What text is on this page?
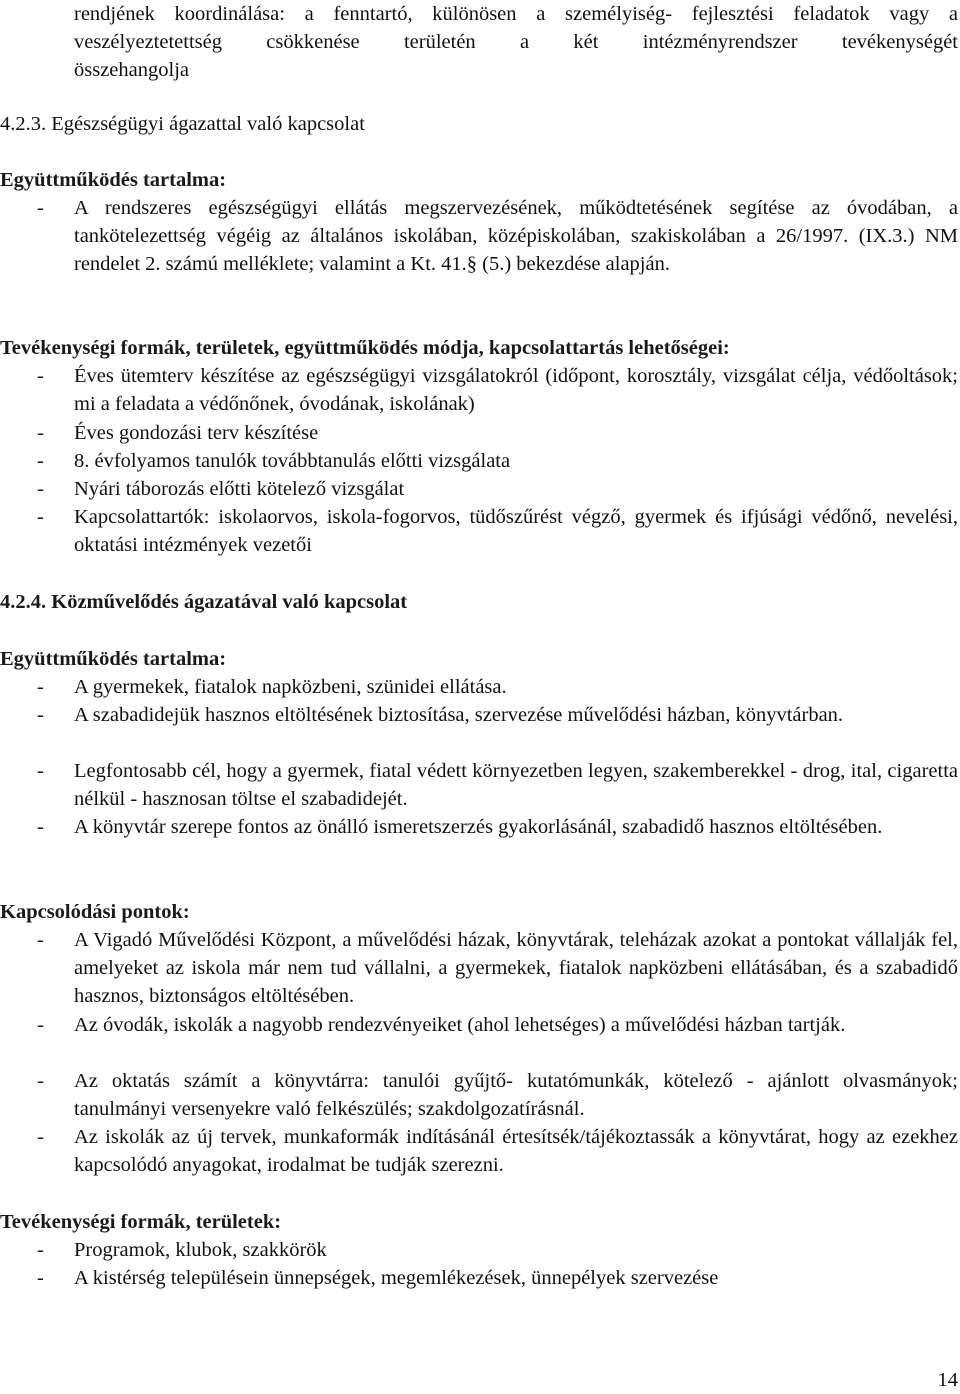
rendjének koordinálása: a fenntartó, különösen a személyiség- fejlesztési feladatok vagy a

veszélyeztetettség csökkenése területén a két intézményrendszer tevékenységét

összehangolja

4.2.3. Egészségügyi ágazattal való kapcsolat

Együttműködés tartalma:

- A rendszeres egészségügyi ellátás megszervezésének, működtetésének segítése az óvodában, a tankötelezettség végéig az általános iskolában, középiskolában, szakiskolában a 26/1997. (IX.3.) NM rendelet 2. számú melléklete; valamint a Kt. 41.§ (5.) bekezdése alapján.

Tevékenységi formák, területek, együttműködés módja, kapcsolattartás lehetőségei:

- Éves ütemterv készítése az egészségügyi vizsgálatokról (időpont, korosztály, vizsgálat célja, védőoltások; mi a feladata a védőnőnek, óvodának, iskolának)

- Éves gondozási terv készítése

- 8. évfolyamos tanulók továbbtanulás előtti vizsgálata

- Nyári táborozás előtti kötelező vizsgálat

- Kapcsolattartók: iskolaorvos, iskola-fogorvos, tüdőszűrést végző, gyermek és ifjúsági védőnő, nevelési, oktatási intézmények vezetői

4.2.4. Közművelődés ágazatával való kapcsolat

Együttműködés tartalma:

- A gyermekek, fiatalok napközbeni, szünidei ellátása.

- A szabadidejük hasznos eltöltésének biztosítása, szervezése művelődési házban, könyvtárban.

- Legfontosabb cél, hogy a gyermek, fiatal védett környezetben legyen, szakemberekkel - drog, ital, cigaretta nélkül - hasznosan töltse el szabadidejét.

- A könyvtár szerepe fontos az önálló ismeretszerzés gyakorlásánál, szabadidő hasznos eltöltésében.

Kapcsolódási pontok:

- A Vigadó Művelődési Központ, a művelődési házak, könyvtárak, teleházak azokat a pontokat vállalják fel, amelyeket az iskola már nem tud vállalni, a gyermekek, fiatalok napközbeni ellátásában, és a szabadidő hasznos, biztonságos eltöltésében.

- Az óvodák, iskolák a nagyobb rendezvényeiket (ahol lehetséges) a művelődési házban tartják.

- Az oktatás számít a könyvtárra: tanulói gyűjtő- kutatómunkák, kötelező - ajánlott olvasmányok; tanulmányi versenyekre való felkészülés; szakdolgozatírásnál.

- Az iskolák az új tervek, munkaformák indításánál értesítsék/tájékoztassák a könyvtárat, hogy az ezekhez kapcsolódó anyagokat, irodalmat be tudják szerezni.

Tevékenységi formák, területek:

- Programok, klubok, szakkörök

- A kistérség településein ünnepségek, megemlékezések, ünnepélyek szervezése

14
